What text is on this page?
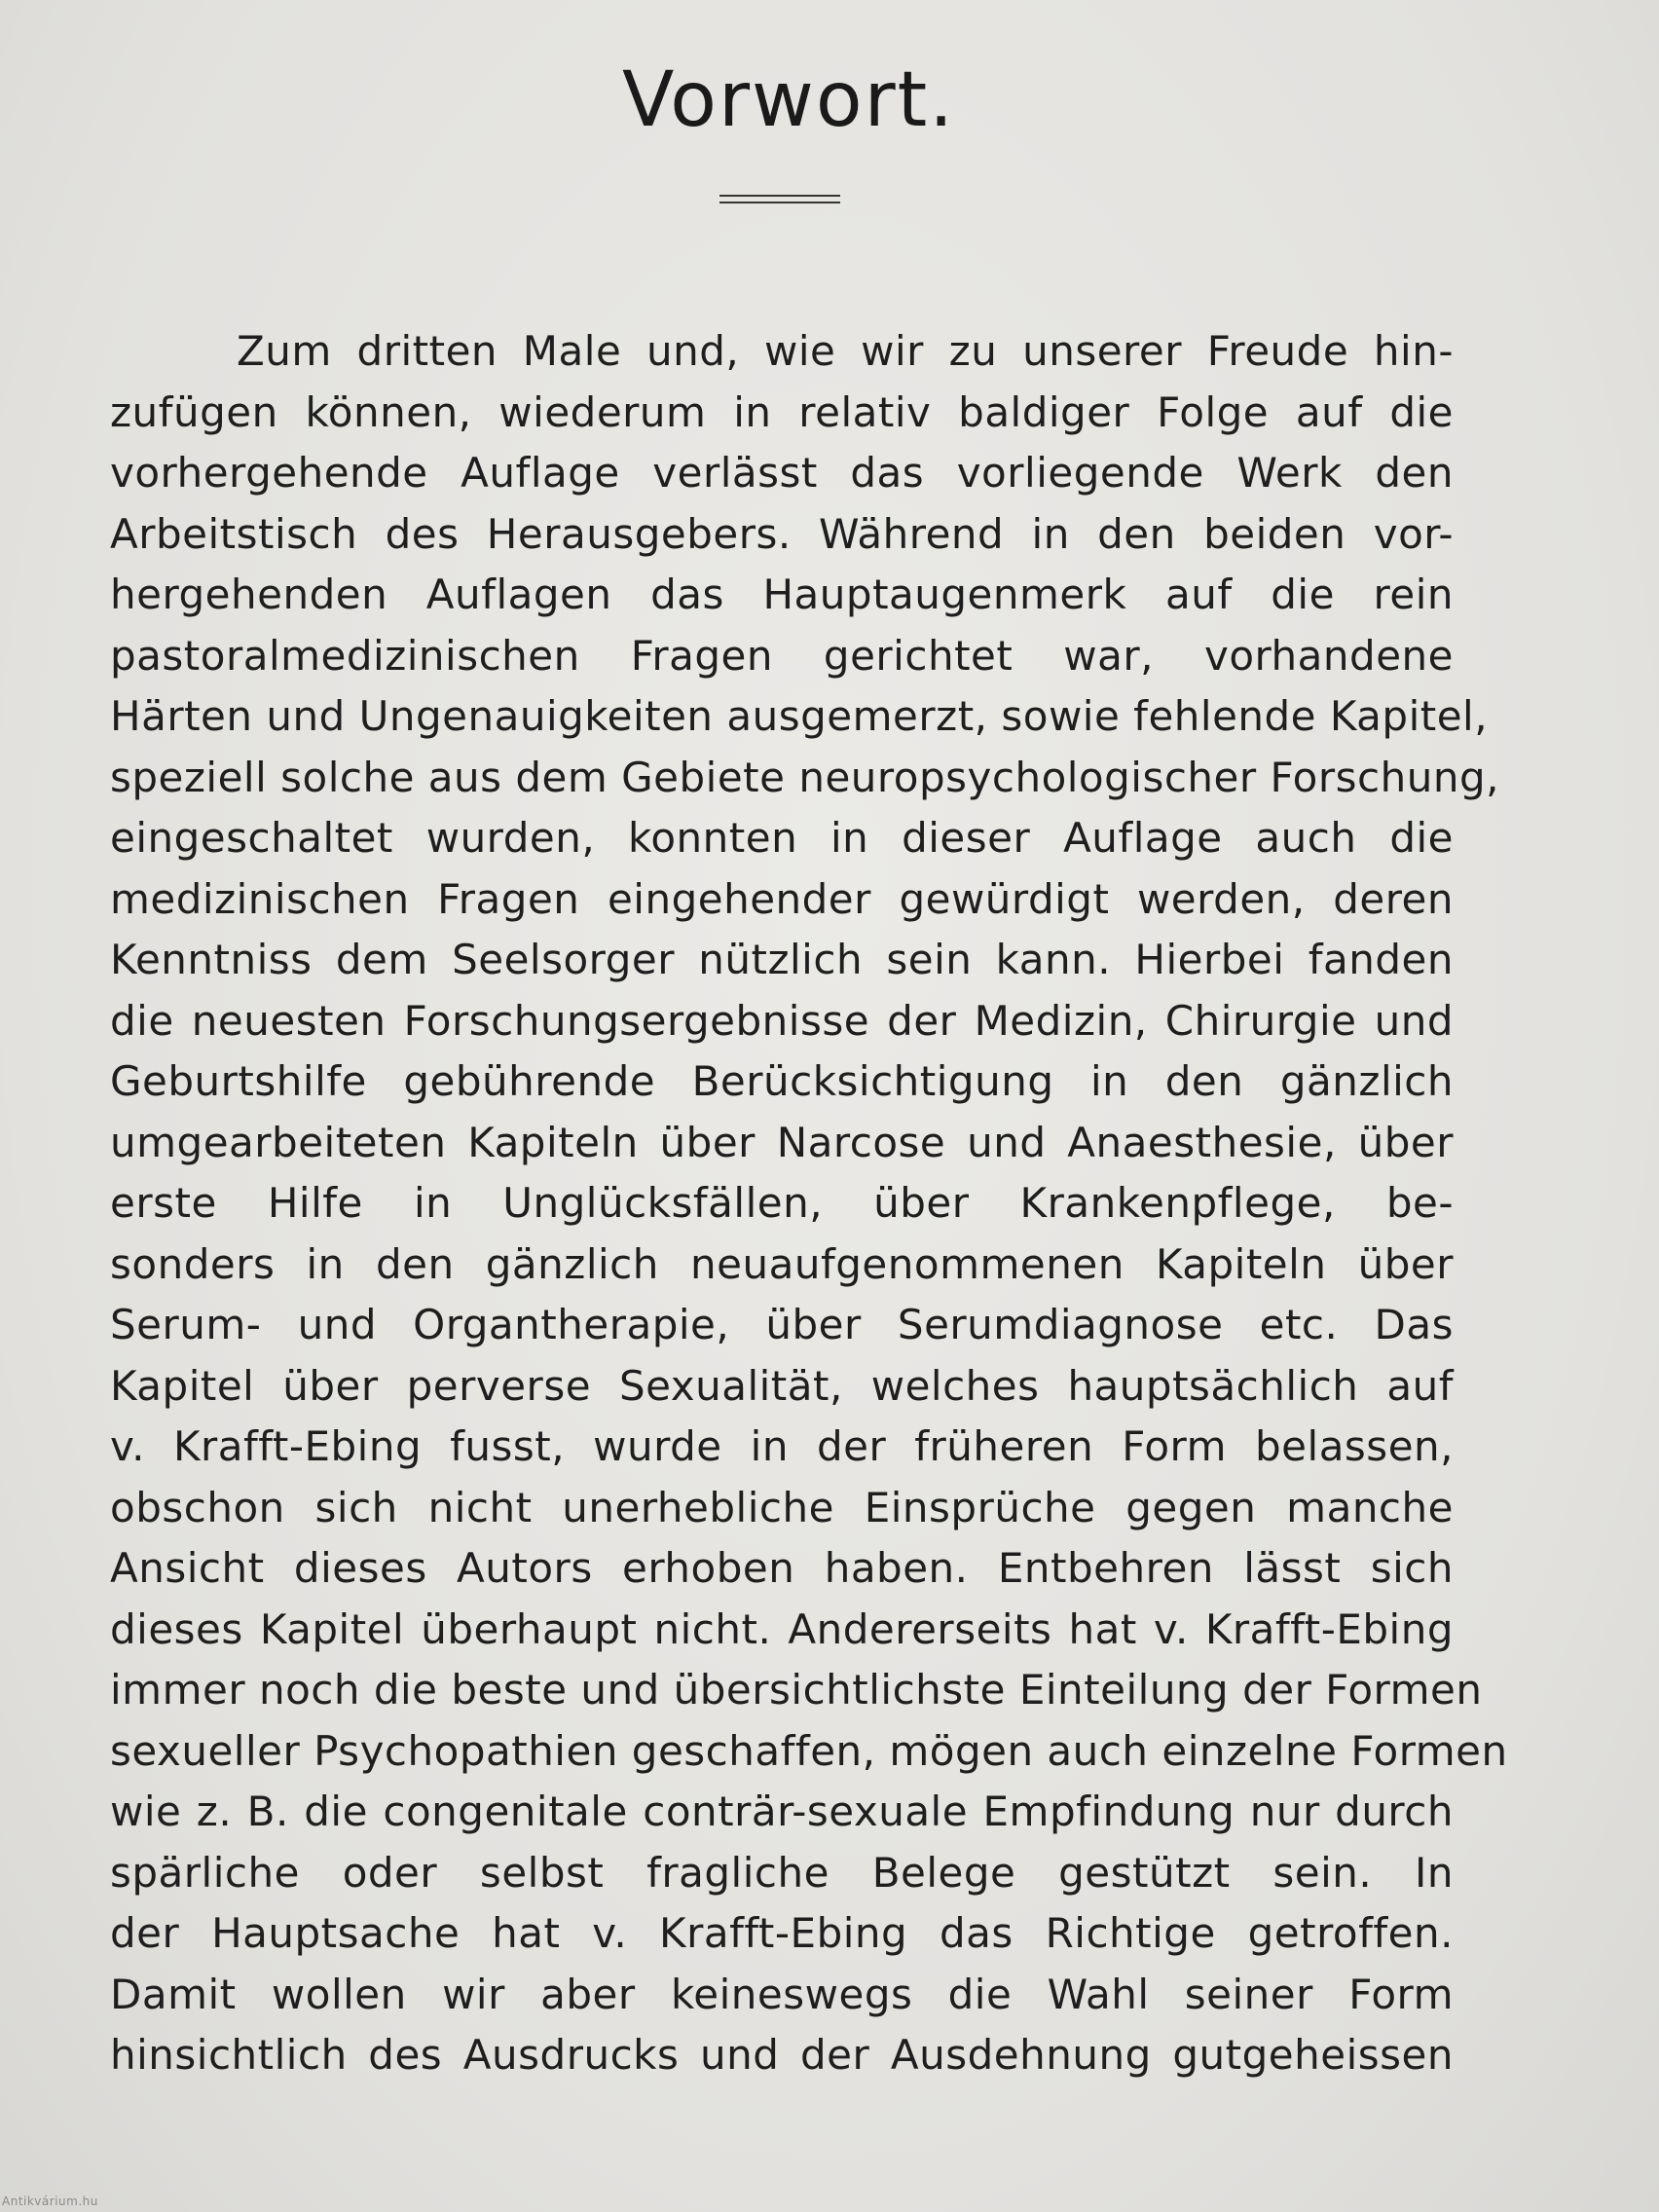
Vorwort.
Zum dritten Male und, wie wir zu unserer Freude hin-
zufügen können, wiederum in relativ baldiger Folge auf die
vorhergehende Auflage verlässt das vorliegende Werk den
Arbeitstisch des Herausgebers. Während in den beiden vor-
hergehenden Auflagen das Hauptaugenmerk auf die rein
pastoralmedizinischen Fragen gerichtet war, vorhandene
Härten und Ungenauigkeiten ausgemerzt, sowie fehlende Kapitel,
speziell solche aus dem Gebiete neuropsychologischer Forschung,
eingeschaltet wurden, konnten in dieser Auflage auch die
medizinischen Fragen eingehender gewürdigt werden, deren
Kenntniss dem Seelsorger nützlich sein kann. Hierbei fanden
die neuesten Forschungsergebnisse der Medizin, Chirurgie und
Geburtshilfe gebührende Berücksichtigung in den gänzlich
umgearbeiteten Kapiteln über Narcose und Anaesthesie, über
erste Hilfe in Unglücksfällen, über Krankenpflege, be-
sonders in den gänzlich neuaufgenommenen Kapiteln über
Serum- und Organtherapie, über Serumdiagnose etc. Das
Kapitel über perverse Sexualität, welches hauptsächlich auf
v. Krafft-Ebing fusst, wurde in der früheren Form belassen,
obschon sich nicht unerhebliche Einsprüche gegen manche
Ansicht dieses Autors erhoben haben. Entbehren lässt sich
dieses Kapitel überhaupt nicht. Andererseits hat v. Krafft-Ebing
immer noch die beste und übersichtlichste Einteilung der Formen
sexueller Psychopathien geschaffen, mögen auch einzelne Formen
wie z. B. die congenitale conträr-sexuale Empfindung nur durch
spärliche oder selbst fragliche Belege gestützt sein. In
der Hauptsache hat v. Krafft-Ebing das Richtige getroffen.
Damit wollen wir aber keineswegs die Wahl seiner Form
hinsichtlich des Ausdrucks und der Ausdehnung gutgeheissen
Antikvárium.hu
